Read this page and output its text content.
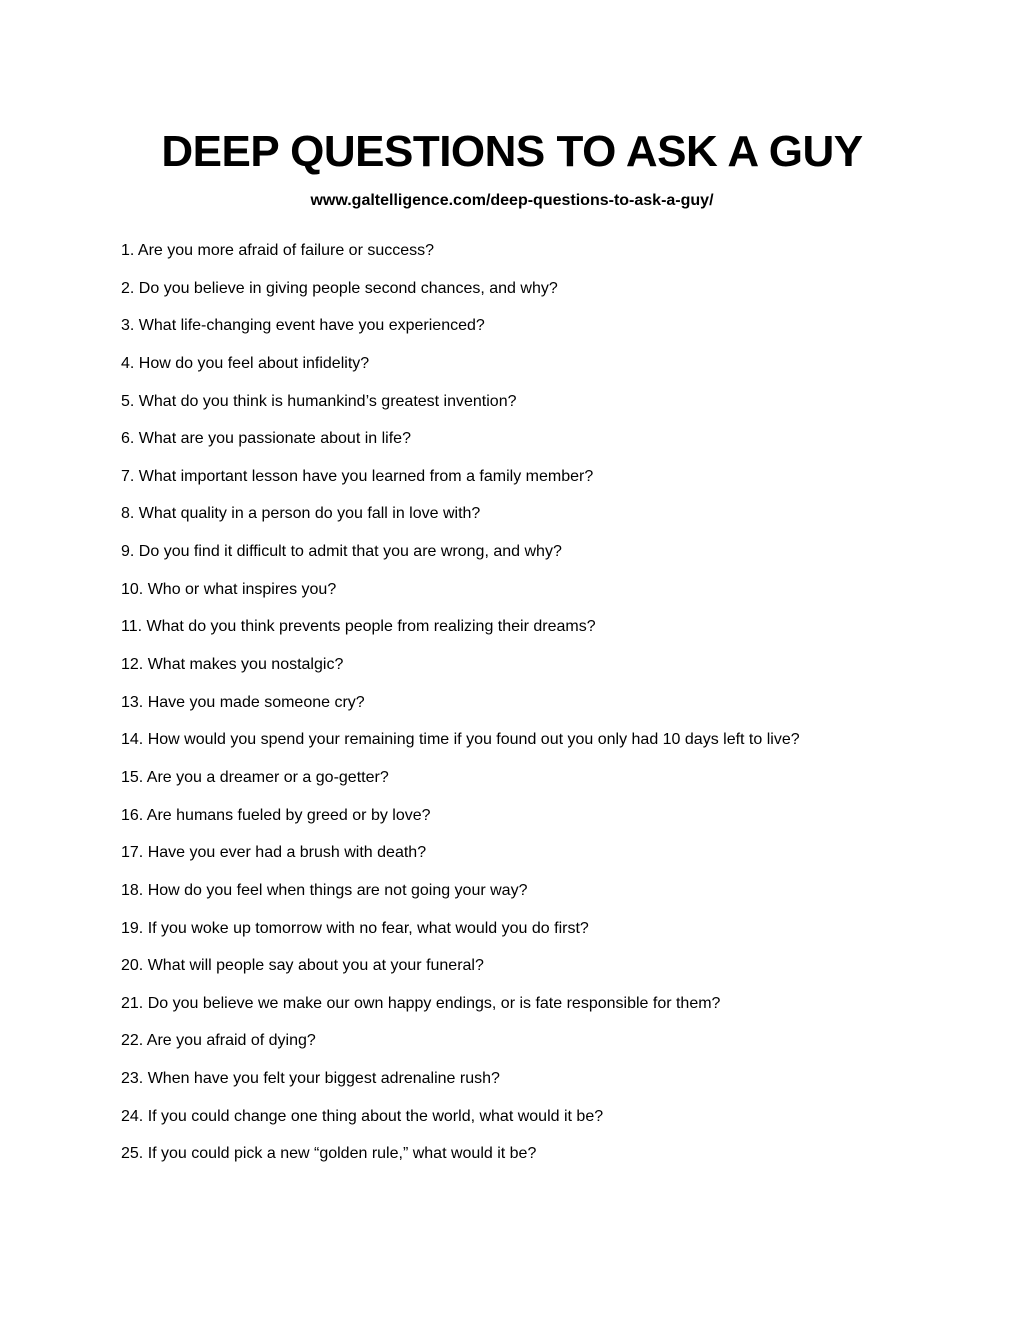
DEEP QUESTIONS TO ASK A GUY
www.galtelligence.com/deep-questions-to-ask-a-guy/
1. Are you more afraid of failure or success?
2. Do you believe in giving people second chances, and why?
3. What life-changing event have you experienced?
4. How do you feel about infidelity?
5. What do you think is humankind’s greatest invention?
6. What are you passionate about in life?
7. What important lesson have you learned from a family member?
8. What quality in a person do you fall in love with?
9. Do you find it difficult to admit that you are wrong, and why?
10. Who or what inspires you?
11. What do you think prevents people from realizing their dreams?
12. What makes you nostalgic?
13. Have you made someone cry?
14. How would you spend your remaining time if you found out you only had 10 days left to live?
15. Are you a dreamer or a go-getter?
16. Are humans fueled by greed or by love?
17. Have you ever had a brush with death?
18. How do you feel when things are not going your way?
19. If you woke up tomorrow with no fear, what would you do first?
20. What will people say about you at your funeral?
21. Do you believe we make our own happy endings, or is fate responsible for them?
22. Are you afraid of dying?
23. When have you felt your biggest adrenaline rush?
24. If you could change one thing about the world, what would it be?
25. If you could pick a new “golden rule,” what would it be?
